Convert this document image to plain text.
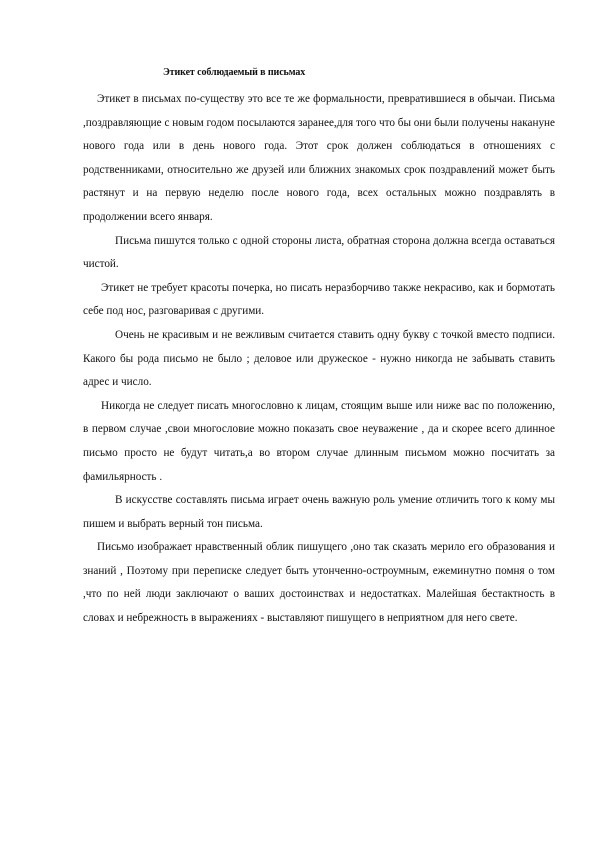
Этикет соблюдаемый в письмах

Этикет в письмах по-существу это все те же формальности, превратившиеся в обычаи. Письма ,поздравляющие с новым годом посылаются заранее,для того что бы они были получены накануне нового года или в день нового года. Этот срок должен соблюдаться в отношениях с родственниками, относительно же друзей или ближних знакомых срок поздравлений может быть растянут и на первую неделю после нового года, всех остальных можно поздравлять в продолжении всего января.

Письма пишутся только с одной стороны листа, обратная сторона должна всегда оставаться чистой.

Этикет не требует красоты почерка, но писать неразборчиво также некрасиво, как и бормотать себе под нос, разговаривая с другими.

Очень не красивым и не вежливым считается ставить одну букву с точкой вместо подписи. Какого бы рода письмо не было ; деловое или дружеское - нужно никогда не забывать ставить адрес и число.

Никогда не следует писать многословно к лицам, стоящим выше или ниже вас по положению, в первом случае ,свои многословие можно показать свое неуважение , да и скорее всего длинное письмо просто не будут читать,а во втором случае длинным письмом можно посчитать за фамильярность .

В искусстве составлять письма играет очень важную роль умение отличить того к кому мы пишем и выбрать верный тон письма.

Письмо изображает нравственный облик пишущего ,оно так сказать мерило его образования и знаний , Поэтому при переписке следует быть утонченно-остроумным, ежеминутно помня о том ,что по ней люди заключают о ваших достоинствах и недостатках. Малейшая бестактность в словах и небрежность в выражениях - выставляют пишущего в неприятном для него свете.
